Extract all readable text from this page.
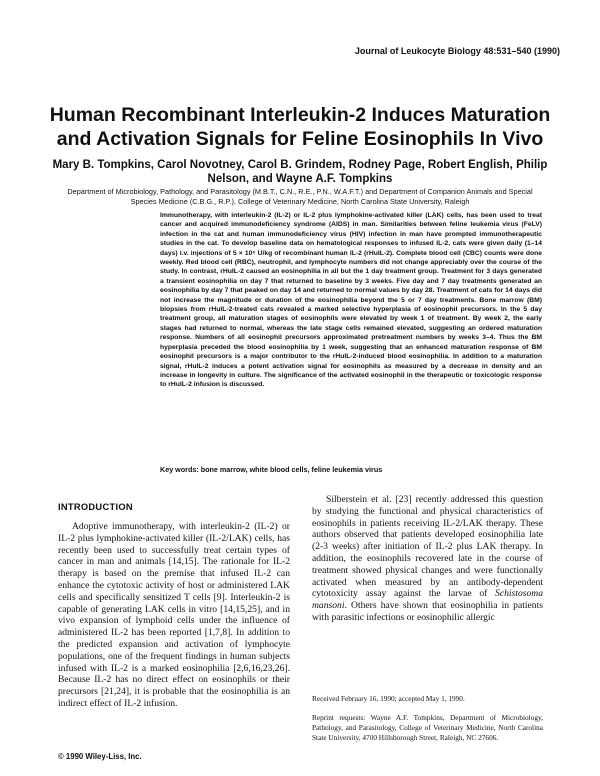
Journal of Leukocyte Biology 48:531–540 (1990)
Human Recombinant Interleukin-2 Induces Maturation and Activation Signals for Feline Eosinophils In Vivo
Mary B. Tompkins, Carol Novotney, Carol B. Grindem, Rodney Page, Robert English, Philip Nelson, and Wayne A.F. Tompkins
Department of Microbiology, Pathology, and Parasitology (M.B.T., C.N., R.E., P.N., W.A.F.T.) and Department of Companion Animals and Special Species Medicine (C.B.G., R.P.), College of Veterinary Medicine, North Carolina State University, Raleigh
Immunotherapy, with interleukin-2 (IL-2) or IL-2 plus lymphokine-activated killer (LAK) cells, has been used to treat cancer and acquired immunodeficiency syndrome (AIDS) in man. Similarities between feline leukemia virus (FeLV) infection in the cat and human immunodeficiency virus (HIV) infection in man have prompted immunotherapeutic studies in the cat. To develop baseline data on hematological responses to infused IL-2, cats were given daily (1–14 days) i.v. injections of 5 × 10⁵ U/kg of recombinant human IL-2 (rHuIL-2). Complete blood cell (CBC) counts were done weekly. Red blood cell (RBC), neutrophil, and lymphocyte numbers did not change appreciably over the course of the study. In contrast, rHuIL-2 caused an eosinophilia in all but the 1 day treatment group. Treatment for 3 days generated a transient eosinophilia on day 7 that returned to baseline by 3 weeks. Five day and 7 day treatments generated an eosinophilia by day 7 that peaked on day 14 and returned to normal values by day 28. Treatment of cats for 14 days did not increase the magnitude or duration of the eosinophilia beyond the 5 or 7 day treatments. Bone marrow (BM) biopsies from rHuIL-2-treated cats revealed a marked selective hyperplasia of eosinophil precursors. In the 5 day treatment group, all maturation stages of eosinophils were elevated by week 1 of treatment. By week 2, the early stages had returned to normal, whereas the late stage cells remained elevated, suggesting an ordered maturation response. Numbers of all eosinophil precursors approximated pretreatment numbers by weeks 3–4. Thus the BM hyperplasia preceded the blood eosinophilia by 1 week, suggesting that an enhanced maturation response of BM eosinophil precursors is a major contributor to the rHuIL-2-induced blood eosinophilia. In addition to a maturation signal, rHuIL-2 induces a potent activation signal for eosinophils as measured by a decrease in density and an increase in longevity in culture. The significance of the activated eosinophil in the therapeutic or toxicologic response to rHuIL-2 infusion is discussed.
Key words: bone marrow, white blood cells, feline leukemia virus
INTRODUCTION

Adoptive immunotherapy, with interleukin-2 (IL-2) or IL-2 plus lymphokine-activated killer (IL-2/LAK) cells, has recently been used to successfully treat certain types of cancer in man and animals [14,15]. The rationale for IL-2 therapy is based on the premise that infused IL-2 can enhance the cytotoxic activity of host or administered LAK cells and specifically sensitized T cells [9]. Interleukin-2 is capable of generating LAK cells in vitro [14,15,25], and in vivo expansion of lymphoid cells under the influence of administered IL-2 has been reported [1,7,8]. In addition to the predicted expansion and activation of lymphocyte populations, one of the frequent findings in human subjects infused with IL-2 is a marked eosinophilia [2,6,16,23,26]. Because IL-2 has no direct effect on eosinophils or their precursors [21,24], it is probable that the eosinophilia is an indirect effect of IL-2 infusion.

Silberstein et al. [23] recently addressed this question by studying the functional and physical characteristics of eosinophils in patients receiving IL-2/LAK therapy. These authors observed that patients developed eosinophilia late (2-3 weeks) after initiation of IL-2 plus LAK therapy. In addition, the eosinophils recovered late in the course of treatment showed physical changes and were functionally activated when measured by an antibody-dependent cytotoxicity assay against the larvae of Schistosoma mansoni. Others have shown that eosinophilia in patients with parasitic infections or eosinophilic allergic

Received February 16, 1990; accepted May 1, 1990.
Reprint requests: Wayne A.F. Tompkins, Department of Microbiology, Pathology, and Parasitology, College of Veterinary Medicine, North Carolina State University, 4700 Hillsborough Street, Raleigh, NC 27606.
© 1990 Wiley-Liss, Inc.
